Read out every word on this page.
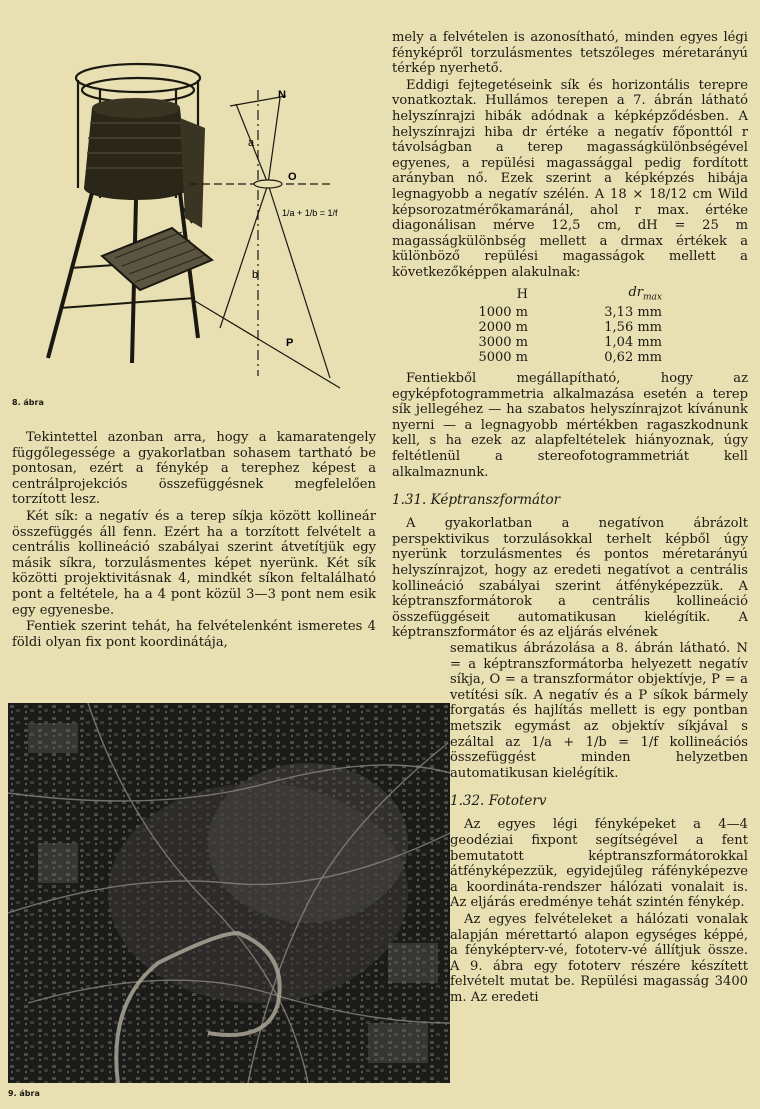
N
a
O
1/a + 1/b = 1/f
b
P
8. ábra

Tekintettel azonban arra, hogy a kamaratengely függőlegessége a gyakorlatban sohasem tartható be pontosan, ezért a fénykép a terephez képest a centrálprojekciós összefüggésnek megfelelően torzított lesz.

Két sík: a negatív és a terep síkja között kollineár összefüggés áll fenn. Ezért ha a torzított felvételt a centrális kollineáció szabályai szerint átvetítjük egy másik síkra, torzulásmentes képet nyerünk. Két sík közötti projektivitásnak 4, mindkét síkon feltalálható pont a feltétele, ha a 4 pont közül 3—3 pont nem esik egy egyenesbe.

Fentiek szerint tehát, ha felvételenként ismeretes 4 földi olyan fix pont koordinátája,

9. ábra

mely a felvételen is azonosítható, minden egyes légi fényképről torzulásmentes tetszőleges méretarányú térkép nyerhető.

Eddigi fejtegetéseink sík és horizontális terepre vonatkoztak. Hullámos terepen a 7. ábrán látható helyszínrajzi hibák adódnak a képképződésben. A helyszínrajzi hiba dr értéke a negatív főponttól r távolságban a terep magasságkülönbségével egyenes, a repülési magassággal pedig fordított arányban nő. Ezek szerint a képképzés hibája legnagyobb a negatív szélén. A 18 × 18/12 cm Wild képsorozatmérőkamaránál, ahol r max. értéke diagonálisan mérve 12,5 cm, dH = 25 m magasságkülönbség mellett a drmax értékek a különböző repülési magasságok mellett a következőképpen alakulnak:

H	$dr_{max}$
1000 m	3,13 mm
2000 m	1,56 mm
3000 m	1,04 mm
5000 m	0,62 mm

Fentiekből megállapítható, hogy az egyképfotogrammetria alkalmazása esetén a terep sík jellegéhez — ha szabatos helyszínrajzot kívánunk nyerni — a legnagyobb mértékben ragaszkodnunk kell, s ha ezek az alapfeltételek hiányoznak, úgy feltétlenül a stereofotogrammetriát kell alkalmaznunk.

1.31. Képtranszformátor

A gyakorlatban a negatívon ábrázolt perspektivikus torzulásokkal terhelt képből úgy nyerünk torzulásmentes és pontos méretarányú helyszínrajzot, hogy az eredeti negatívot a centrális kollineáció szabályai szerint átfényképezzük. A képtranszformátorok a centrális kollineáció összefüggéseit automatikusan kielégítik. A képtranszformátor és az eljárás elvének

sematikus ábrázolása a 8. ábrán látható. N = a képtranszformátorba helyezett negatív síkja, O = a transzformátor objektívje, P = a vetítési sík. A negatív és a P síkok bármely forgatás és hajlítás mellett is egy pontban metszik egymást az objektív síkjával s ezáltal az 1/a + 1/b = 1/f kollineációs összefüggést minden helyzetben automatikusan kielégítik.

1.32. Fototerv

Az egyes légi fényképeket a 4—4 geodéziai fixpont segítségével a fent bemutatott képtranszformátorokkal átfényképezzük, egyidejűleg ráfényképezve a koordináta-rendszer hálózati vonalait is. Az eljárás eredménye tehát szintén fénykép.

Az egyes felvételeket a hálózati vonalak alapján mérettartó alapon egységes képpé, a fényképterv-vé, fototerv-vé állítjuk össze. A 9. ábra egy fototerv részére készített felvételt mutat be. Repülési magasság 3400 m. Az eredeti
